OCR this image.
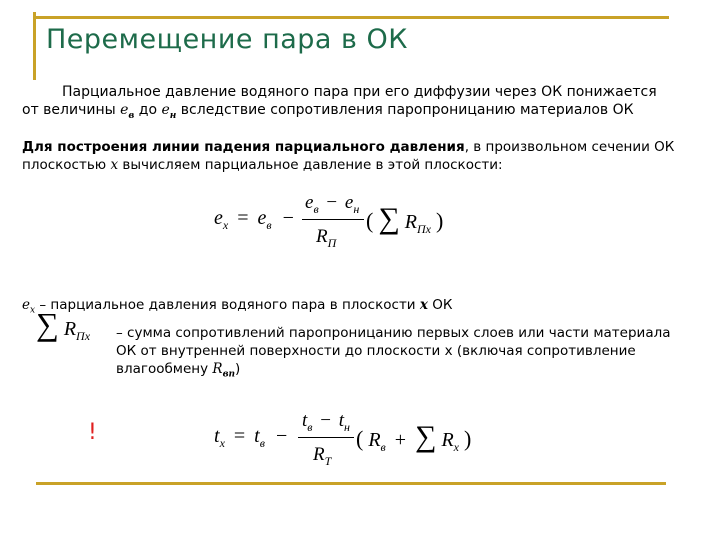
Перемещение пара в ОК
Парциальное давление водяного пара при его диффузии через ОК понижается
от величины $е_в$ до $е_н$ вследствие сопротивления паропроницанию материалов ОК
Для построения линии падения парциального давления, в произвольном сечении ОК
плоскостью x вычисляем парциальное давление в этой плоскости:
$e_x = e_в$ −
$e_в - e_н$
$R_П$
( ∑ $R_{Пx}$ )
$е_х$ – парциальное давления водяного пара в плоскости x ОК
∑ $R_{Пx}$ – сумма сопротивлений паропроницанию первых слоев или части материала
ОК от внутренней поверхности до плоскости х (включая сопротивление
влагообмену $R_{вп}$)
!	$t_x = t_в$ −
$t_в - t_н$
$R_T$
( $R_в$ + ∑ $R_x$ )
